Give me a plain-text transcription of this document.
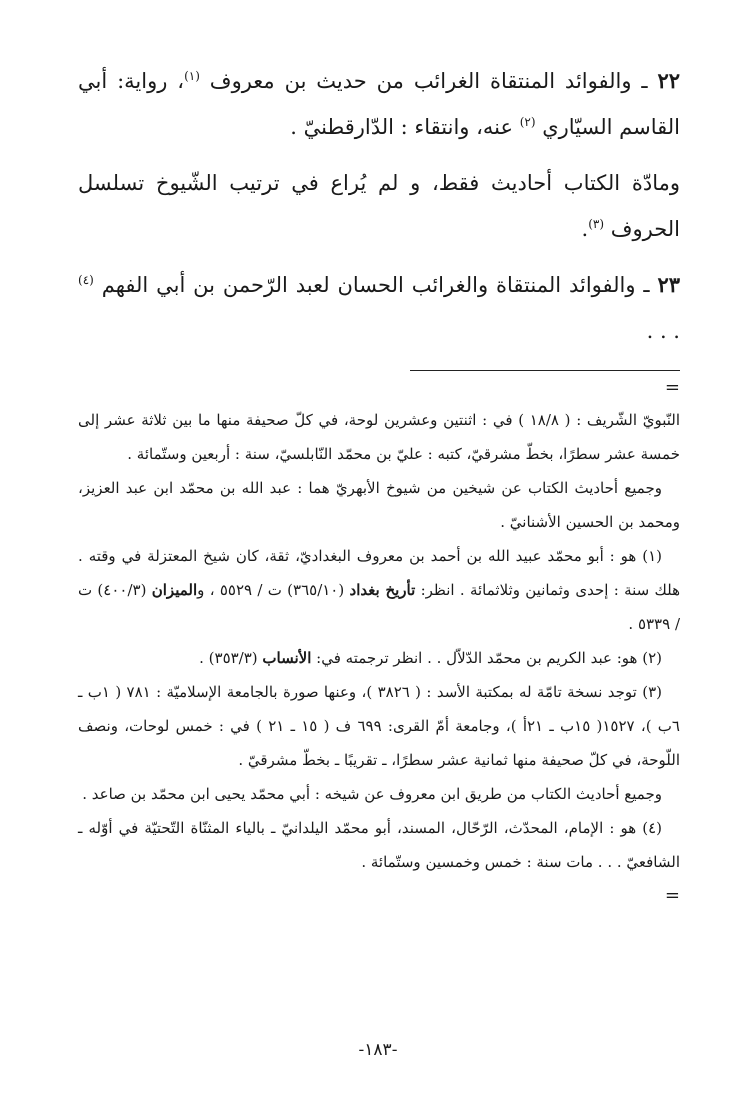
٢٢ ـ والفوائد المنتقاة الغرائب من حديث بن معروف $^{(١)}$، رواية: أبي القاسم السيّاري $^{(٢)}$ عنه، وانتقاء : الدّارقطنيّ .

ومادّة الكتاب أحاديث فقط، و لم يُراع في ترتيب الشّيوخ تسلسل الحروف $^{(٣)}$.

٢٣ ـ والفوائد المنتقاة والغرائب الحسان لعبد الرّحمن بن أبي الفهم $^{(٤)}$ . . .

=

النّبويّ الشّريف : ( ١٨/٨ ) في : اثنتين وعشرين لوحة، في كلّ صحيفة منها ما بين ثلاثة عشر إلى خمسة عشر سطرًا، بخطّ مشرقيّ، كتبه : عليّ بن محمّد النّابلسيّ، سنة : أربعين وستّمائة .

وجميع أحاديث الكتاب عن شيخين من شيوخ الأبهريّ هما : عبد الله بن محمّد ابن عبد العزيز، ومحمد بن الحسين الأشنانيّ .

(١) هو : أبو محمّد عبيد الله بن أحمد بن معروف البغداديّ، ثقة، كان شيخ المعتزلة في وقته . هلك سنة : إحدى وثمانين وثلاثمائة . انظر: تأريخ بغداد (٣٦٥/١٠) ت / ٥٥٢٩ ، والميزان (٤٠٠/٣) ت / ٥٣٣٩ .

(٢) هو: عبد الكريم بن محمّد الدّلاّل . . انظر ترجمته في: الأنساب (٣٥٣/٣) .

(٣) توجد نسخة تامّة له بمكتبة الأسد : ( ٣٨٢٦ )، وعنها صورة بالجامعة الإسلاميّة : ٧٨١ ( ١ب ـ ٦ب )، ١٥٢٧( ١٥ب ـ ٢١أ )، وجامعة أمّ القرى: ٦٩٩ ف ( ١٥ ـ ٢١ ) في : خمس لوحات، ونصف اللّوحة، في كلّ صحيفة منها ثمانية عشر سطرًا، ـ تقريبًا ـ بخطّ مشرقيّ .

وجميع أحاديث الكتاب من طريق ابن معروف عن شيخه : أبي محمّد يحيى ابن محمّد بن صاعد .

(٤) هو : الإمام، المحدّث، الرّحّال، المسند، أبو محمّد اليلدانيّ ـ بالياء المثنّاة التّحتيّة في أوّله ـ الشافعيّ . . . مات سنة : خمس وخمسين وستّمائة .

=
-١٨٣-
